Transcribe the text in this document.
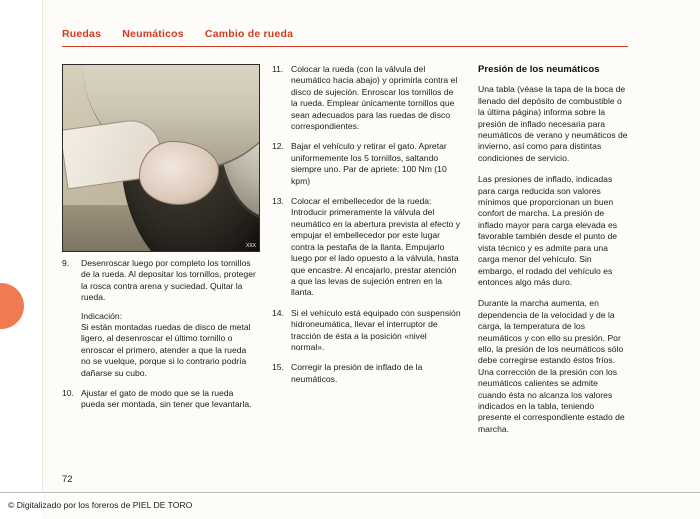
Ruedas Neumáticos Cambio de rueda
XXX
9.	Desenroscar luego por completo los tornillos de la rueda. Al depositar los tornillos, proteger la rosca contra arena y suciedad. Quitar la rueda.
Indicación:
Si están montadas ruedas de disco de metal ligero, al desenroscar el último tornillo o enroscar el primero, atender a que la rueda no se vuelque, porque si lo contrario podría dañarse su cubo.
10. Ajustar el gato de modo que se la rueda pueda ser montada, sin tener que levantarla.
11. Colocar la rueda (con la válvula del neumático hacia abajo) y oprimirla contra el disco de sujeción. Enroscar los tornillos de la rueda. Emplear únicamente tornillos que sean adecuados para las ruedas de disco correspondientes.
12. Bajar el vehículo y retirar el gato. Apretar uniformemente los 5 tornillos, saltando siempre uno. Par de apriete: 100 Nm (10 kpm)
13. Colocar el embellecedor de la rueda:
Introducir primeramente la válvula del neumático en la abertura prevista al efecto y empujar el embellecedor por este lugar contra la pestaña de la llanta. Empujarlo luego por el lado opuesto a la válvula, hasta que encastre. Al encajarlo, prestar atención a que las levas de sujeción entren en la llanta.
14. Si el vehículo está equipado con suspensión hidroneumática, llevar el interruptor de tracción de ésta a la posición «nivel normal».
15. Corregir la presión de inflado de la neumáticos.
Presión de los neumáticos
Una tabla (véase la tapa de la boca de llenado del depósito de combustible o la última página) informa sobre la presión de inflado necesaria para neumáticos de verano y neumáticos de invierno, así como para distintas condiciones de servicio.
Las presiones de inflado, indicadas para carga reducida son valores mínimos que proporcionan un buen confort de marcha. La presión de inflado mayor para carga elevada es favorable también desde el punto de vista técnico y es admite para una carga menor del vehículo. Sin embargo, el rodado del vehículo es entonces algo más duro.
Durante la marcha aumenta, en dependencia de la velocidad y de la carga, la temperatura de los neumáticos y con ello su presión. Por ello, la presión de los neumáticos sólo debe corregirse estando éstos fríos. Una corrección de la presión con los neumáticos calientes se admite cuando ésta no alcanza los valores indicados en la tabla, teniendo presente el correspondiente estado de marcha.
72
© Digitalizado por los foreros de PIEL DE TORO
